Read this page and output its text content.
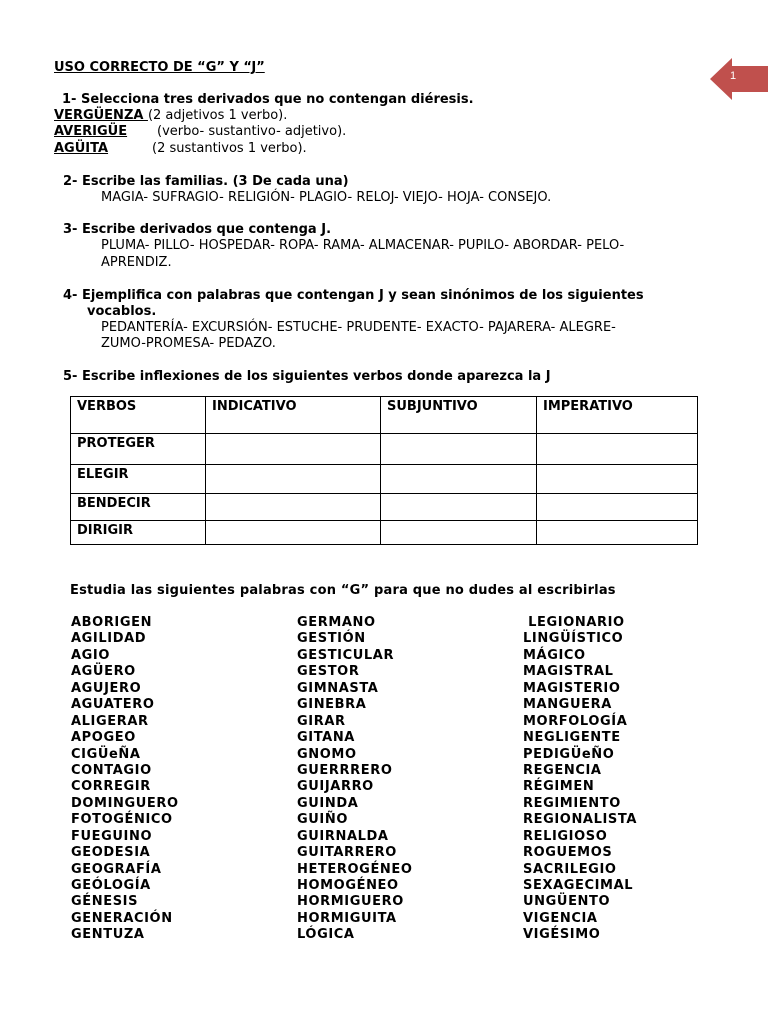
1
USO CORRECTO DE “G” Y “J”
1- Selecciona tres derivados que no contengan diéresis.
VERGÜENZA (2 adjetivos 1 verbo).
AVERIGÜE (verbo- sustantivo- adjetivo).
AGÜITA	(2 sustantivos 1 verbo).
2- Escribe las familias. (3 De cada una)
MAGIA- SUFRAGIO- RELIGIÓN- PLAGIO- RELOJ- VIEJO- HOJA- CONSEJO.
3- Escribe derivados que contenga J.
PLUMA- PILLO- HOSPEDAR- ROPA- RAMA- ALMACENAR- PUPILO- ABORDAR- PELO-
APRENDIZ.
4- Ejemplifica con palabras que contengan J y sean sinónimos de los siguientes
vocablos.
PEDANTERÍA- EXCURSIÓN- ESTUCHE- PRUDENTE- EXACTO- PAJARERA- ALEGRE-
ZUMO-PROMESA- PEDAZO.
5- Escribe inflexiones de los siguientes verbos donde aparezca la J
VERBOS	INDICATIVO	SUBJUNTIVO	IMPERATIVO
PROTEGER			
ELEGIR			
BENDECIR			
DIRIGIR			
Estudia las siguientes palabras con “G” para que no dudes al escribirlas
ABORIGEN
AGILIDAD
AGIO
AGÜERO
AGUJERO
AGUATERO
ALIGERAR
APOGEO
CIGÜeÑA
CONTAGIO
CORREGIR
DOMINGUERO
FOTOGÉNICO
FUEGUINO
GEODESIA
GEOGRAFÍA
GEÓLOGÍA
GÉNESIS
GENERACIÓN
GENTUZA
GERMANO
GESTIÓN
GESTICULAR
GESTOR
GIMNASTA
GINEBRA
GIRAR
GITANA
GNOMO
GUERRRERO
GUIJARRO
GUINDA
GUIÑO
GUIRNALDA
GUITARRERO
HETEROGÉNEO
HOMOGÉNEO
HORMIGUERO
HORMIGUITA
LÓGICA
LEGIONARIO
LINGÜÍSTICO
MÁGICO
MAGISTRAL
MAGISTERIO
MANGUERA
MORFOLOGÍA
NEGLIGENTE
PEDIGÜeÑO
REGENCIA
RÉGIMEN
REGIMIENTO
REGIONALISTA
RELIGIOSO
ROGUEMOS
SACRILEGIO
SEXAGECIMAL
UNGÜENTO
VIGENCIA
VIGÉSIMO
